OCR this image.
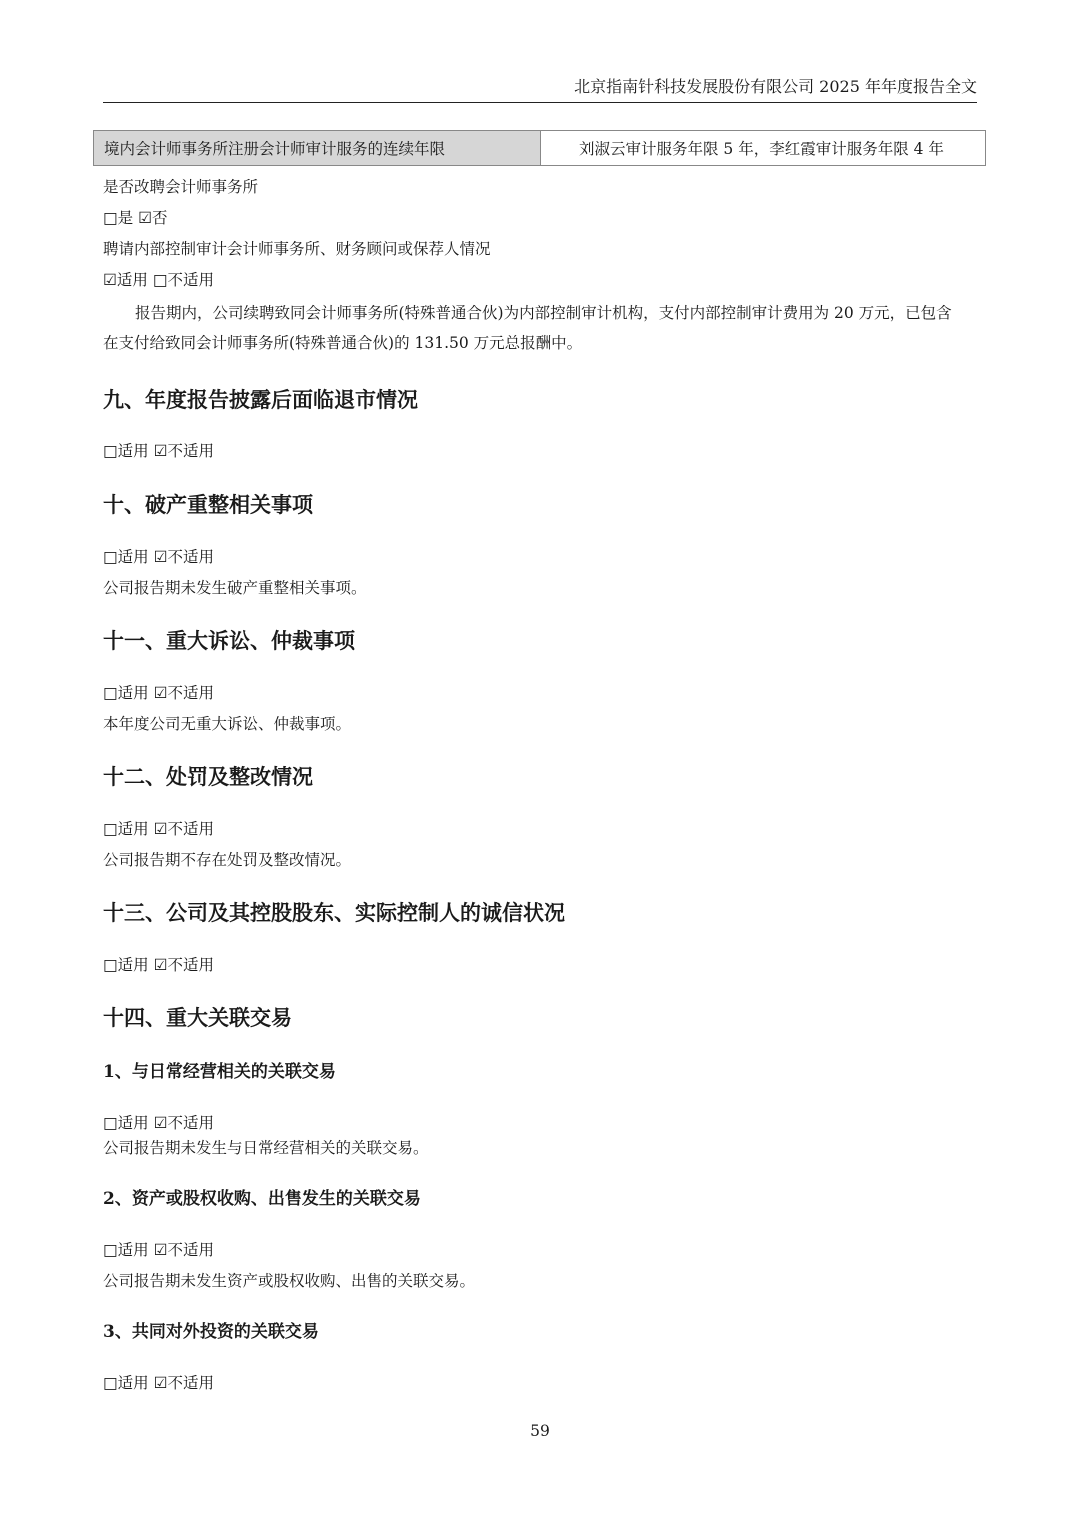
北京指南针科技发展股份有限公司 2025 年年度报告全文
境内会计师事务所注册会计师审计服务的连续年限	刘淑云审计服务年限 5 年，李红霞审计服务年限 4 年
是否改聘会计师事务所
□是 ☑否
聘请内部控制审计会计师事务所、财务顾问或保荐人情况
☑适用 □不适用
报告期内，公司续聘致同会计师事务所(特殊普通合伙)为内部控制审计机构，支付内部控制审计费用为 20 万元，已包含在支付给致同会计师事务所(特殊普通合伙)的 131.50 万元总报酬中。
九、年度报告披露后面临退市情况
□适用 ☑不适用
十、破产重整相关事项
□适用 ☑不适用
公司报告期未发生破产重整相关事项。
十一、重大诉讼、仲裁事项
□适用 ☑不适用
本年度公司无重大诉讼、仲裁事项。
十二、处罚及整改情况
□适用 ☑不适用
公司报告期不存在处罚及整改情况。
十三、公司及其控股股东、实际控制人的诚信状况
□适用 ☑不适用
十四、重大关联交易
1、与日常经营相关的关联交易
□适用 ☑不适用
公司报告期未发生与日常经营相关的关联交易。
2、资产或股权收购、出售发生的关联交易
□适用 ☑不适用
公司报告期未发生资产或股权收购、出售的关联交易。
3、共同对外投资的关联交易
□适用 ☑不适用
59
